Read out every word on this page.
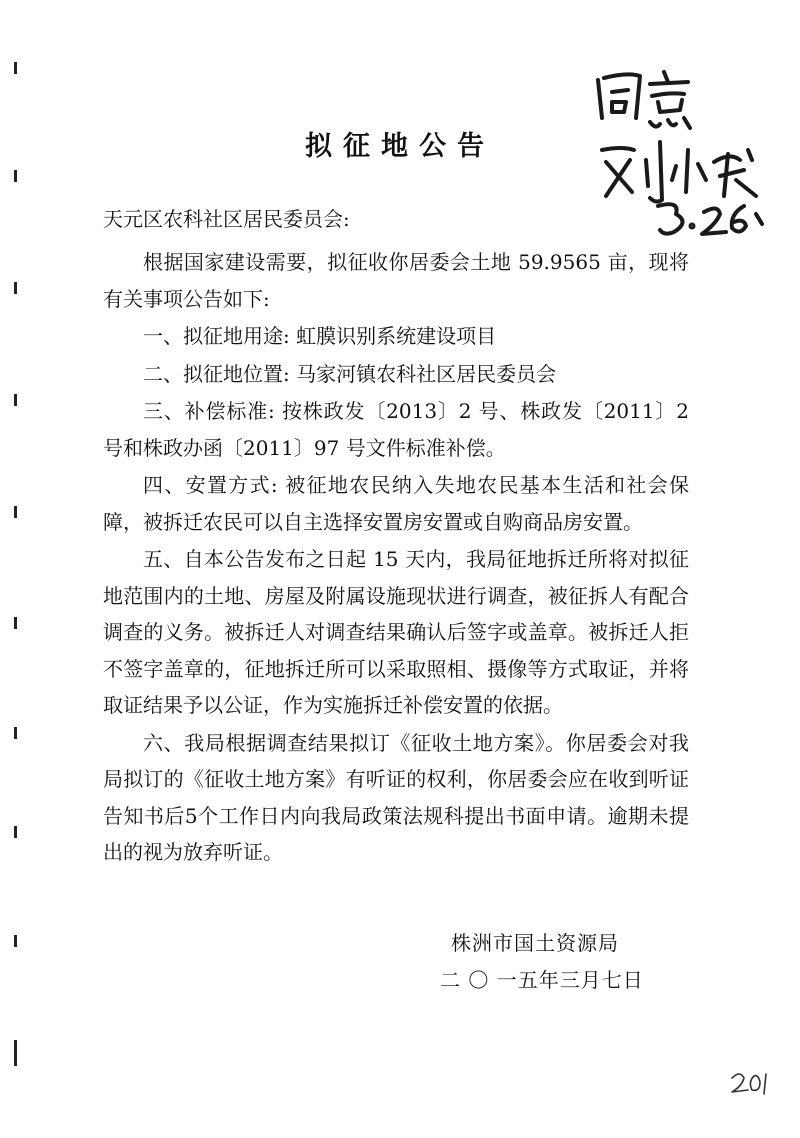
拟征地公告
天元区农科社区居民委员会:

根据国家建设需要，拟征收你居委会土地 59.9565 亩，现将有关事项公告如下:

一、拟征地用途: 虹膜识别系统建设项目

二、拟征地位置: 马家河镇农科社区居民委员会

三、补偿标准: 按株政发〔2013〕2 号、株政发〔2011〕2 号和株政办函〔2011〕97 号文件标准补偿。

四、安置方式: 被征地农民纳入失地农民基本生活和社会保障，被拆迁农民可以自主选择安置房安置或自购商品房安置。

五、自本公告发布之日起 15 天内，我局征地拆迁所将对拟征地范围内的土地、房屋及附属设施现状进行调查，被征拆人有配合调查的义务。被拆迁人对调查结果确认后签字或盖章。被拆迁人拒不签字盖章的，征地拆迁所可以采取照相、摄像等方式取证，并将取证结果予以公证，作为实施拆迁补偿安置的依据。

六、我局根据调查结果拟订《征收土地方案》。你居委会对我局拟订的《征收土地方案》有听证的权利，你居委会应在收到听证告知书后5个工作日内向我局政策法规科提出书面申请。逾期未提出的视为放弃听证。

株洲市国土资源局
二 〇 一五年三月七日
